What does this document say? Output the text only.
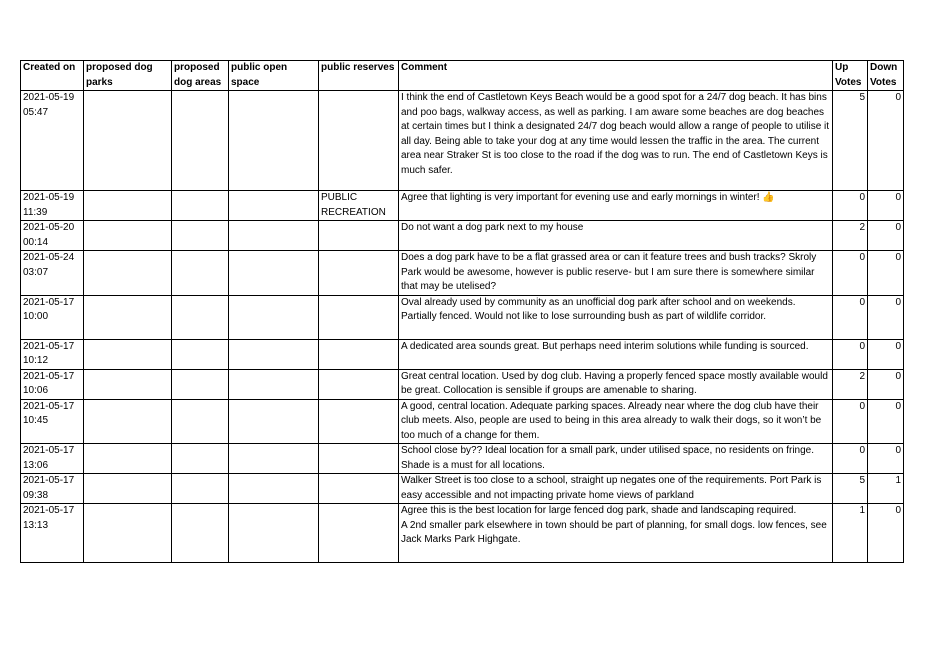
Created on	proposed dog parks	proposed dog areas	public open space	public reserves	Comment	Up Votes	Down Votes
2021-05-19 05:47					I think the end of Castletown Keys Beach would be a good spot for a 24/7 dog beach. It has bins and poo bags, walkway access, as well as parking. I am aware some beaches are dog beaches at certain times but I think a designated 24/7 dog beach would allow a range of people to utilise it all day. Being able to take your dog at any time would lessen the traffic in the area. The current area near Straker St is too close to the road if the dog was to run. The end of Castletown Keys is much safer.	5	0
2021-05-19 11:39				PUBLIC RECREATION	Agree that lighting is very important for evening use and early mornings in winter! 👍	0	0
2021-05-20 00:14					Do not want a dog park next to my house	2	0
2021-05-24 03:07					Does a dog park have to be a flat grassed area or can it feature trees and bush tracks? Skroly Park would be awesome, however is public reserve- but I am sure there is somewhere similar that may be utelised?	0	0
2021-05-17 10:00					Oval already used by community as an unofficial dog park after school and on weekends. Partially fenced. Would not like to lose surrounding bush as part of wildlife corridor.	0	0
2021-05-17 10:12					A dedicated area sounds great. But perhaps need interim solutions while funding is sourced.	0	0
2021-05-17 10:06					Great central location. Used by dog club. Having a properly fenced space mostly available would be great. Collocation is sensible if groups are amenable to sharing.	2	0
2021-05-17 10:45					A good, central location. Adequate parking spaces. Already near where the dog club have their club meets. Also, people are used to being in this area already to walk their dogs, so it won’t be too much of a change for them.	0	0
2021-05-17 13:06					School close by?? Ideal location for a small park, under utilised space, no residents on fringe. Shade is a must for all locations.	0	0
2021-05-17 09:38					Walker Street is too close to a school, straight up negates one of the requirements. Port Park is easy accessible and not impacting private home views of parkland	5	1
2021-05-17 13:13					Agree this is the best location for large fenced dog park, shade and landscaping required.
A 2nd smaller park elsewhere in town should be part of planning, for small dogs. low fences, see Jack Marks Park Highgate.	1	0
